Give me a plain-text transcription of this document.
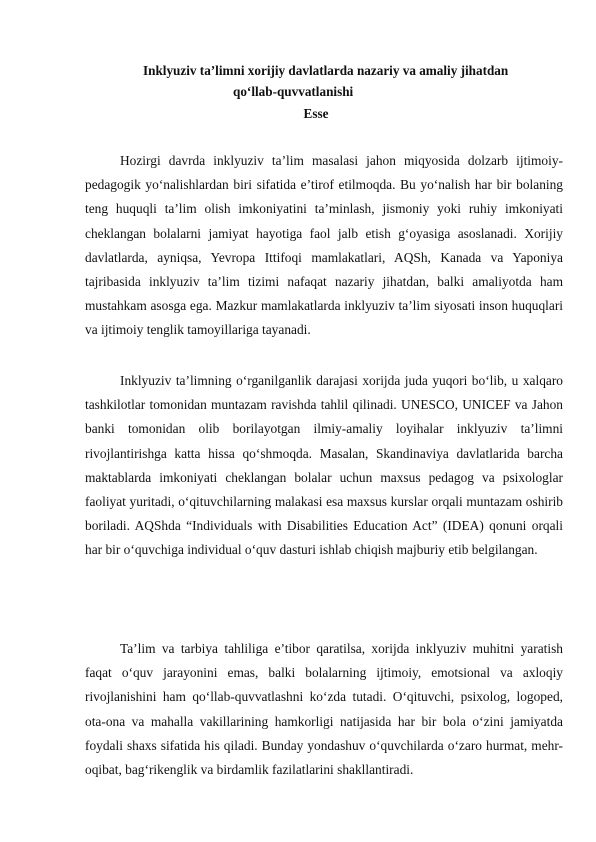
Inklyuziv ta’limni xorijiy davlatlarda nazariy va amaliy jihatdan
qo‘llab-quvvatlanishi
Esse

Hozirgi davrda inklyuziv ta’lim masalasi jahon miqyosida dolzarb ijtimoiy-pedagogik yo‘nalishlardan biri sifatida e’tirof etilmoqda. Bu yo‘nalish har bir bolaning teng huquqli ta’lim olish imkoniyatini ta’minlash, jismoniy yoki ruhiy imkoniyati cheklangan bolalarni jamiyat hayotiga faol jalb etish g‘oyasiga asoslanadi. Xorijiy davlatlarda, ayniqsa, Yevropa Ittifoqi mamlakatlari, AQSh, Kanada va Yaponiya tajribasida inklyuziv ta’lim tizimi nafaqat nazariy jihatdan, balki amaliyotda ham mustahkam asosga ega. Mazkur mamlakatlarda inklyuziv ta’lim siyosati inson huquqlari va ijtimoiy tenglik tamoyillariga tayanadi.

Inklyuziv ta’limning o‘rganilganlik darajasi xorijda juda yuqori bo‘lib, u xalqaro tashkilotlar tomonidan muntazam ravishda tahlil qilinadi. UNESCO, UNICEF va Jahon banki tomonidan olib borilayotgan ilmiy-amaliy loyihalar inklyuziv ta’limni rivojlantirishga katta hissa qo‘shmoqda. Masalan, Skandinaviya davlatlarida barcha maktablarda imkoniyati cheklangan bolalar uchun maxsus pedagog va psixologlar faoliyat yuritadi, o‘qituvchilarning malakasi esa maxsus kurslar orqali muntazam oshirib boriladi. AQShda “Individuals with Disabilities Education Act” (IDEA) qonuni orqali har bir o‘quvchiga individual o‘quv dasturi ishlab chiqish majburiy etib belgilangan.

Ta’lim va tarbiya tahliliga e’tibor qaratilsa, xorijda inklyuziv muhitni yaratish faqat o‘quv jarayonini emas, balki bolalarning ijtimoiy, emotsional va axloqiy rivojlanishini ham qo‘llab-quvvatlashni ko‘zda tutadi. O‘qituvchi, psixolog, logoped, ota-ona va mahalla vakillarining hamkorligi natijasida har bir bola o‘zini jamiyatda foydali shaxs sifatida his qiladi. Bunday yondashuv o‘quvchilarda o‘zaro hurmat, mehr-oqibat, bag‘rikenglik va birdamlik fazilatlarini shakllantiradi.
